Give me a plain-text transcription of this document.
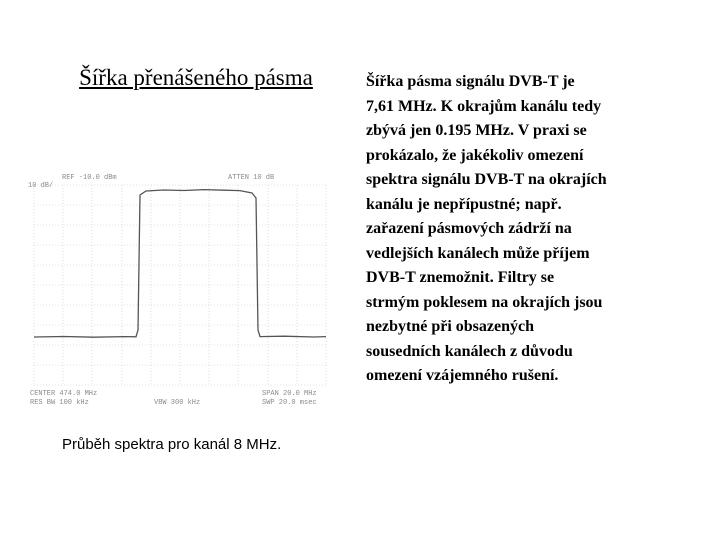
Šířka přenášeného pásma
10 dB/
REF -10.0 dBm	ATTEN 10 dB
CENTER 474.0 MHz
RES BW 100 kHz	VBW 300 kHz
SPAN 20.0 MHz
SWP 20.0 msec

Průběh spektra pro kanál 8 MHz.

Šířka pásma signálu DVB-T je
7,61 MHz. K okrajům kanálu tedy
zbývá jen 0.195 MHz. V praxi se
prokázalo, že jakékoliv omezení
spektra signálu DVB-T na okrajích
kanálu je nepřípustné; např.
zařazení pásmových zádrží na
vedlejších kanálech může příjem
DVB-T znemožnit. Filtry se
strmým poklesem na okrajích jsou
nezbytné při obsazených
sousedních kanálech z důvodu
omezení vzájemného rušení.
